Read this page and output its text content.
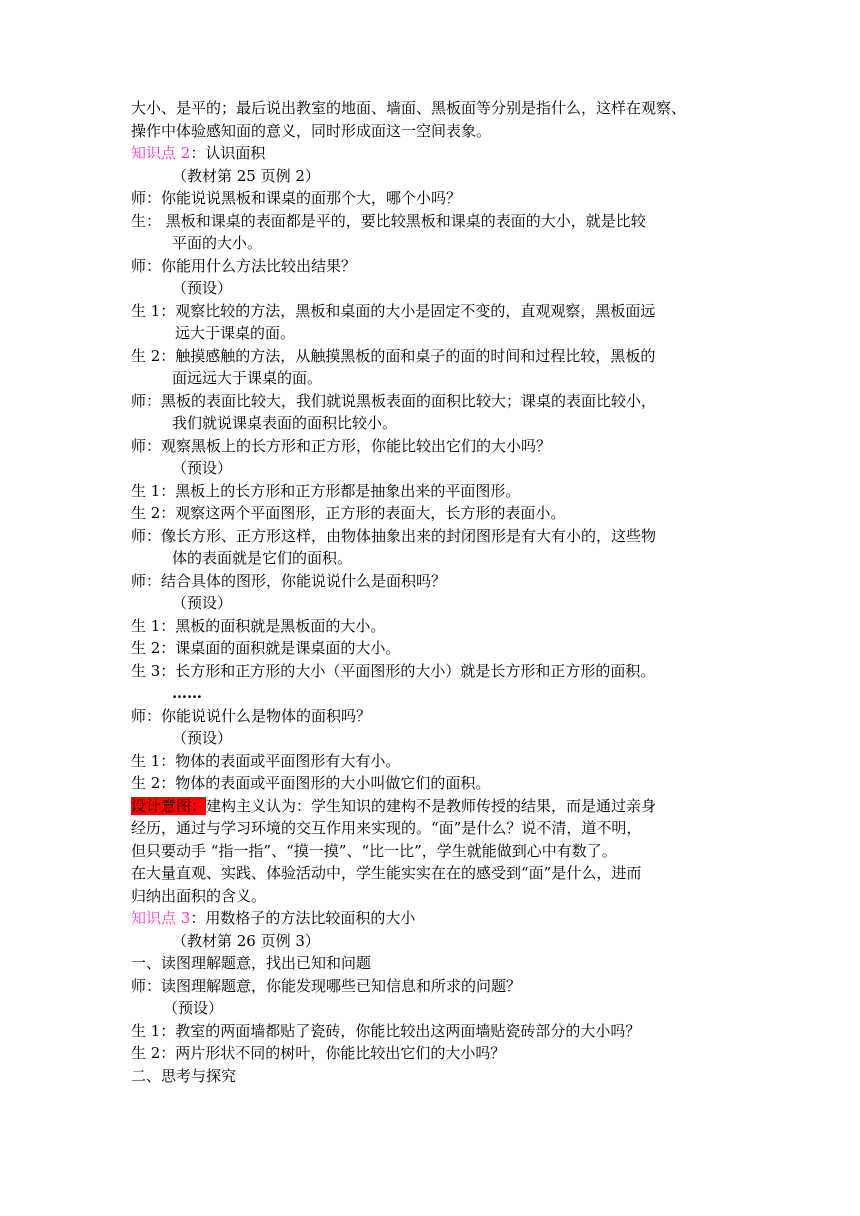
大小、是平的；最后说出教室的地面、墙面、黑板面等分别是指什么，这样在观察、
操作中体验感知面的意义，同时形成面这一空间表象。
知识点 2：认识面积
（教材第 25 页例 2）
师：你能说说黑板和课桌的面那个大，哪个小吗？
生： 黑板和课桌的表面都是平的，要比较黑板和课桌的表面的大小，就是比较
平面的大小。
师：你能用什么方法比较出结果？
（预设）
生 1：观察比较的方法，黑板和桌面的大小是固定不变的，直观观察，黑板面远
远大于课桌的面。
生 2：触摸感触的方法，从触摸黑板的面和桌子的面的时间和过程比较，黑板的
面远远大于课桌的面。
师：黑板的表面比较大，我们就说黑板表面的面积比较大；课桌的表面比较小，
我们就说课桌表面的面积比较小。
师：观察黑板上的长方形和正方形，你能比较出它们的大小吗？
（预设）
生 1：黑板上的长方形和正方形都是抽象出来的平面图形。
生 2：观察这两个平面图形，正方形的表面大，长方形的表面小。
师：像长方形、正方形这样，由物体抽象出来的封闭图形是有大有小的，这些物
体的表面就是它们的面积。
师：结合具体的图形，你能说说什么是面积吗？
（预设）
生 1：黑板的面积就是黑板面的大小。
生 2：课桌面的面积就是课桌面的大小。
生 3：长方形和正方形的大小（平面图形的大小）就是长方形和正方形的面积。
……
师：你能说说什么是物体的面积吗？
（预设）
生 1：物体的表面或平面图形有大有小。
生 2：物体的表面或平面图形的大小叫做它们的面积。
设计意图：建构主义认为：学生知识的建构不是教师传授的结果，而是通过亲身
经历，通过与学习环境的交互作用来实现的。“面”是什么？说不清，道不明，
但只要动手 “指一指”、“摸一摸”、“比一比”，学生就能做到心中有数了。
在大量直观、实践、体验活动中，学生能实实在在的感受到“面”是什么，进而
归纳出面积的含义。
知识点 3：用数格子的方法比较面积的大小
（教材第 26 页例 3）
一、读图理解题意，找出已知和问题
师：读图理解题意，你能发现哪些已知信息和所求的问题？
（预设）
生 1：教室的两面墙都贴了瓷砖，你能比较出这两面墙贴瓷砖部分的大小吗？
生 2：两片形状不同的树叶，你能比较出它们的大小吗？
二、思考与探究
